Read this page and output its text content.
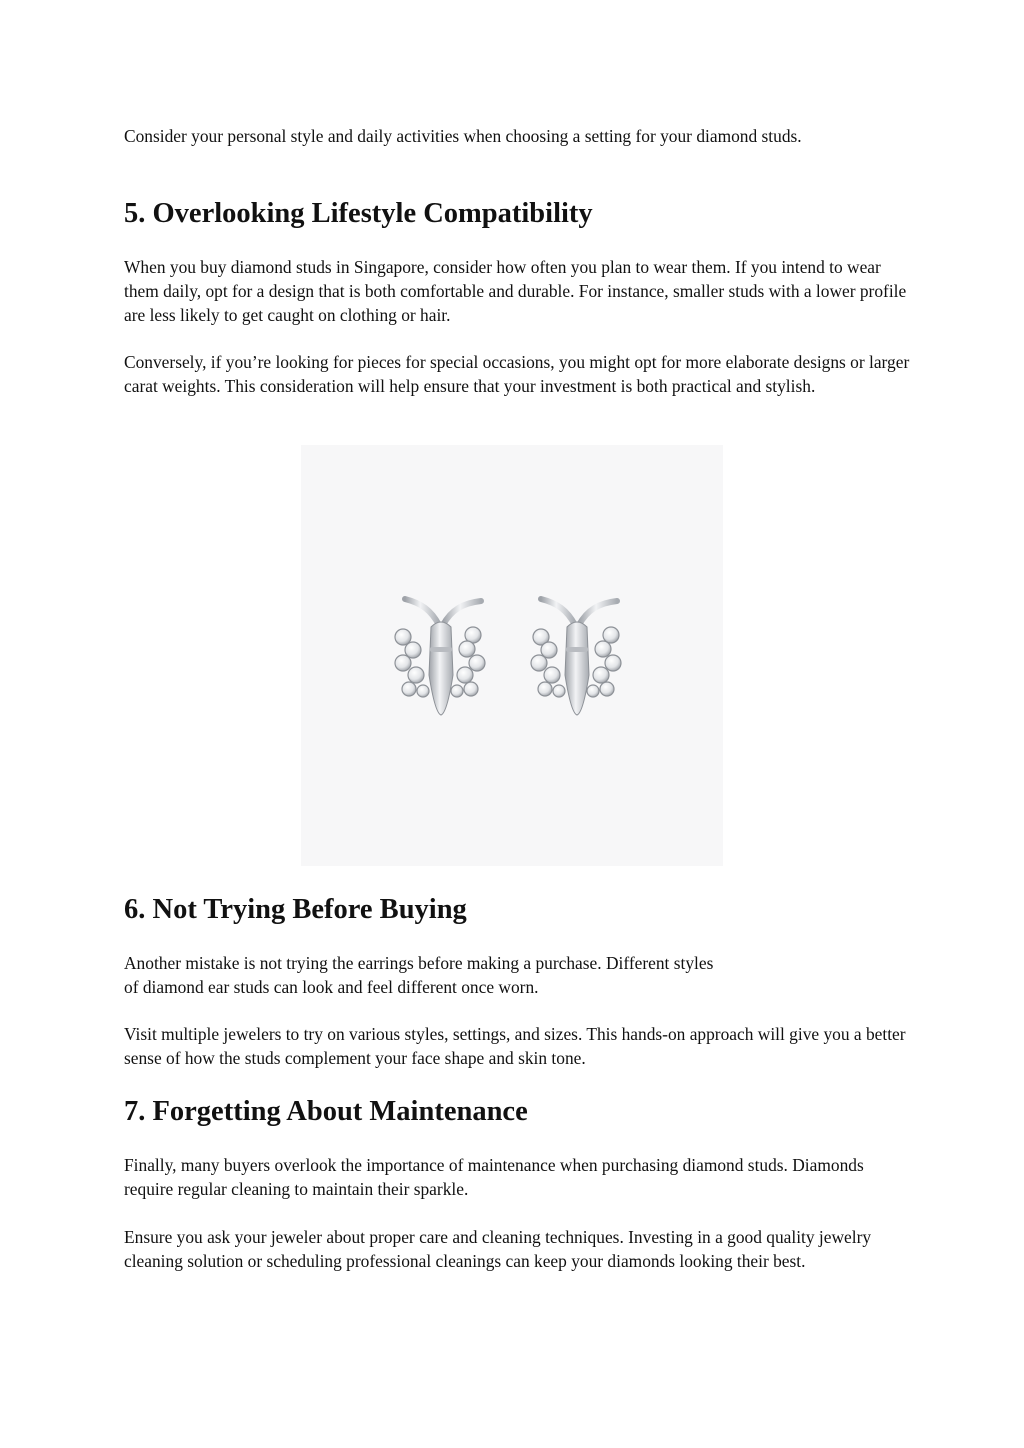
Consider your personal style and daily activities when choosing a setting for your diamond studs.

5. Overlooking Lifestyle Compatibility

When you buy diamond studs in Singapore, consider how often you plan to wear them. If you intend to wear them daily, opt for a design that is both comfortable and durable. For instance, smaller studs with a lower profile are less likely to get caught on clothing or hair.

Conversely, if you’re looking for pieces for special occasions, you might opt for more elaborate designs or larger carat weights. This consideration will help ensure that your investment is both practical and stylish.

6. Not Trying Before Buying
Another mistake is not trying the earrings before making a purchase. Different styles
of diamond ear studs can look and feel different once worn.

Visit multiple jewelers to try on various styles, settings, and sizes. This hands-on approach will give you a better sense of how the studs complement your face shape and skin tone.

7. Forgetting About Maintenance

Finally, many buyers overlook the importance of maintenance when purchasing diamond studs. Diamonds require regular cleaning to maintain their sparkle.

Ensure you ask your jeweler about proper care and cleaning techniques. Investing in a good quality jewelry cleaning solution or scheduling professional cleanings can keep your diamonds looking their best.
